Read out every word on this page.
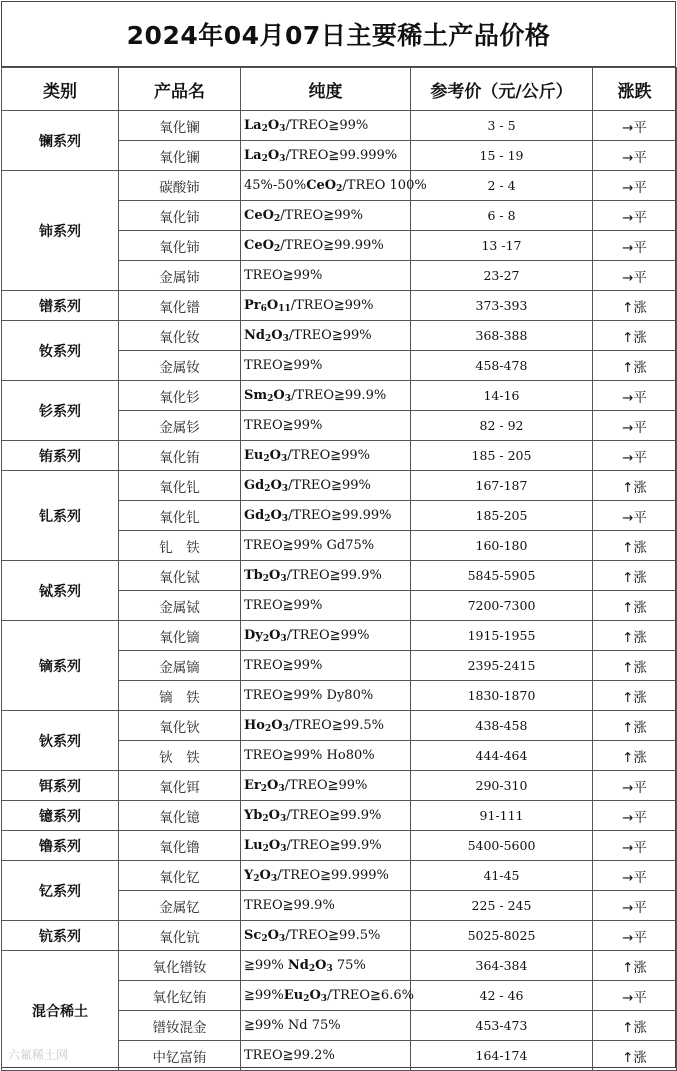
2024年04月07日主要稀土产品价格
类别	产品名	纯度	参考价（元/公斤）	涨跌
镧系列	氧化镧	$La_2O_3/TREO≧99\%$	3 - 5	→平
	氧化镧	$La_2O_3/TREO≧99.999\%$	15 - 19	→平
铈系列	碳酸铈	45%-50%CeO$_2$/TREO 100%	2 - 4	→平
	氧化铈	CeO$_2$/TREO≧99%	6 - 8	→平
	氧化铈	CeO$_2$/TREO≧99.99%	13 -17	→平
	金属铈	TREO≧99%	23-27	→平
镨系列	氧化镨	$Pr_6O_{11}/TREO≧99\%$	373-393	↑涨
钕系列	氧化钕	$Nd_2O_3/TREO≧99\%$	368-388	↑涨
	金属钕	TREO≧99%	458-478	↑涨
钐系列	氧化钐	$Sm_2O_3/TREO≧99.9\%$	14-16	→平
	金属钐	TREO≧99%	82 - 92	→平
铕系列	氧化铕	$Eu_2O_3/TREO≧99\%$	185 - 205	→平
钆系列	氧化钆	$Gd_2O_3/TREO≧99\%$	167-187	↑涨
	氧化钆	$Gd_2O_3/TREO≧99.99\%$	185-205	→平
	钆　铁	TREO≧99% Gd75%	160-180	↑涨
铽系列	氧化铽	$Tb_2O_3/TREO≧99.9\%$	5845-5905	↑涨
	金属铽	TREO≧99%	7200-7300	↑涨
镝系列	氧化镝	$Dy_2O_3/TREO≧99\%$	1915-1955	↑涨
	金属镝	TREO≧99%	2395-2415	↑涨
	镝　铁	TREO≧99% Dy80%	1830-1870	↑涨
钬系列	氧化钬	$Ho_2O_3/TREO≧99.5\%$	438-458	↑涨
	钬　铁	TREO≧99% Ho80%	444-464	↑涨
铒系列	氧化铒	$Er_2O_3/TREO≧99\%$	290-310	→平
镱系列	氧化镱	$Yb_2O_3/TREO≧99.9\%$	91-111	→平
镥系列	氧化镥	$Lu_2O_3/TREO≧99.9\%$	5400-5600	→平
钇系列	氧化钇	$Y_2O_3/TREO≧99.999\%$	41-45	→平
	金属钇	TREO≧99.9%	225 - 245	→平
钪系列	氧化钪	$Sc_2O_3/TREO≧99.5\%$	5025-8025	→平
混合稀土	氧化镨钕	≧99% $Nd_2O_3$ 75%	364-384	↑涨
	氧化钇铕	$≧99\%Eu_2O_3/TREO≧6.6\%$	42 - 46	→平
	镨钕混金	≧99% Nd 75%	453-473	↑涨
	中钇富铕	TREO≧99.2%	164-174	↑涨
六氟稀土网
